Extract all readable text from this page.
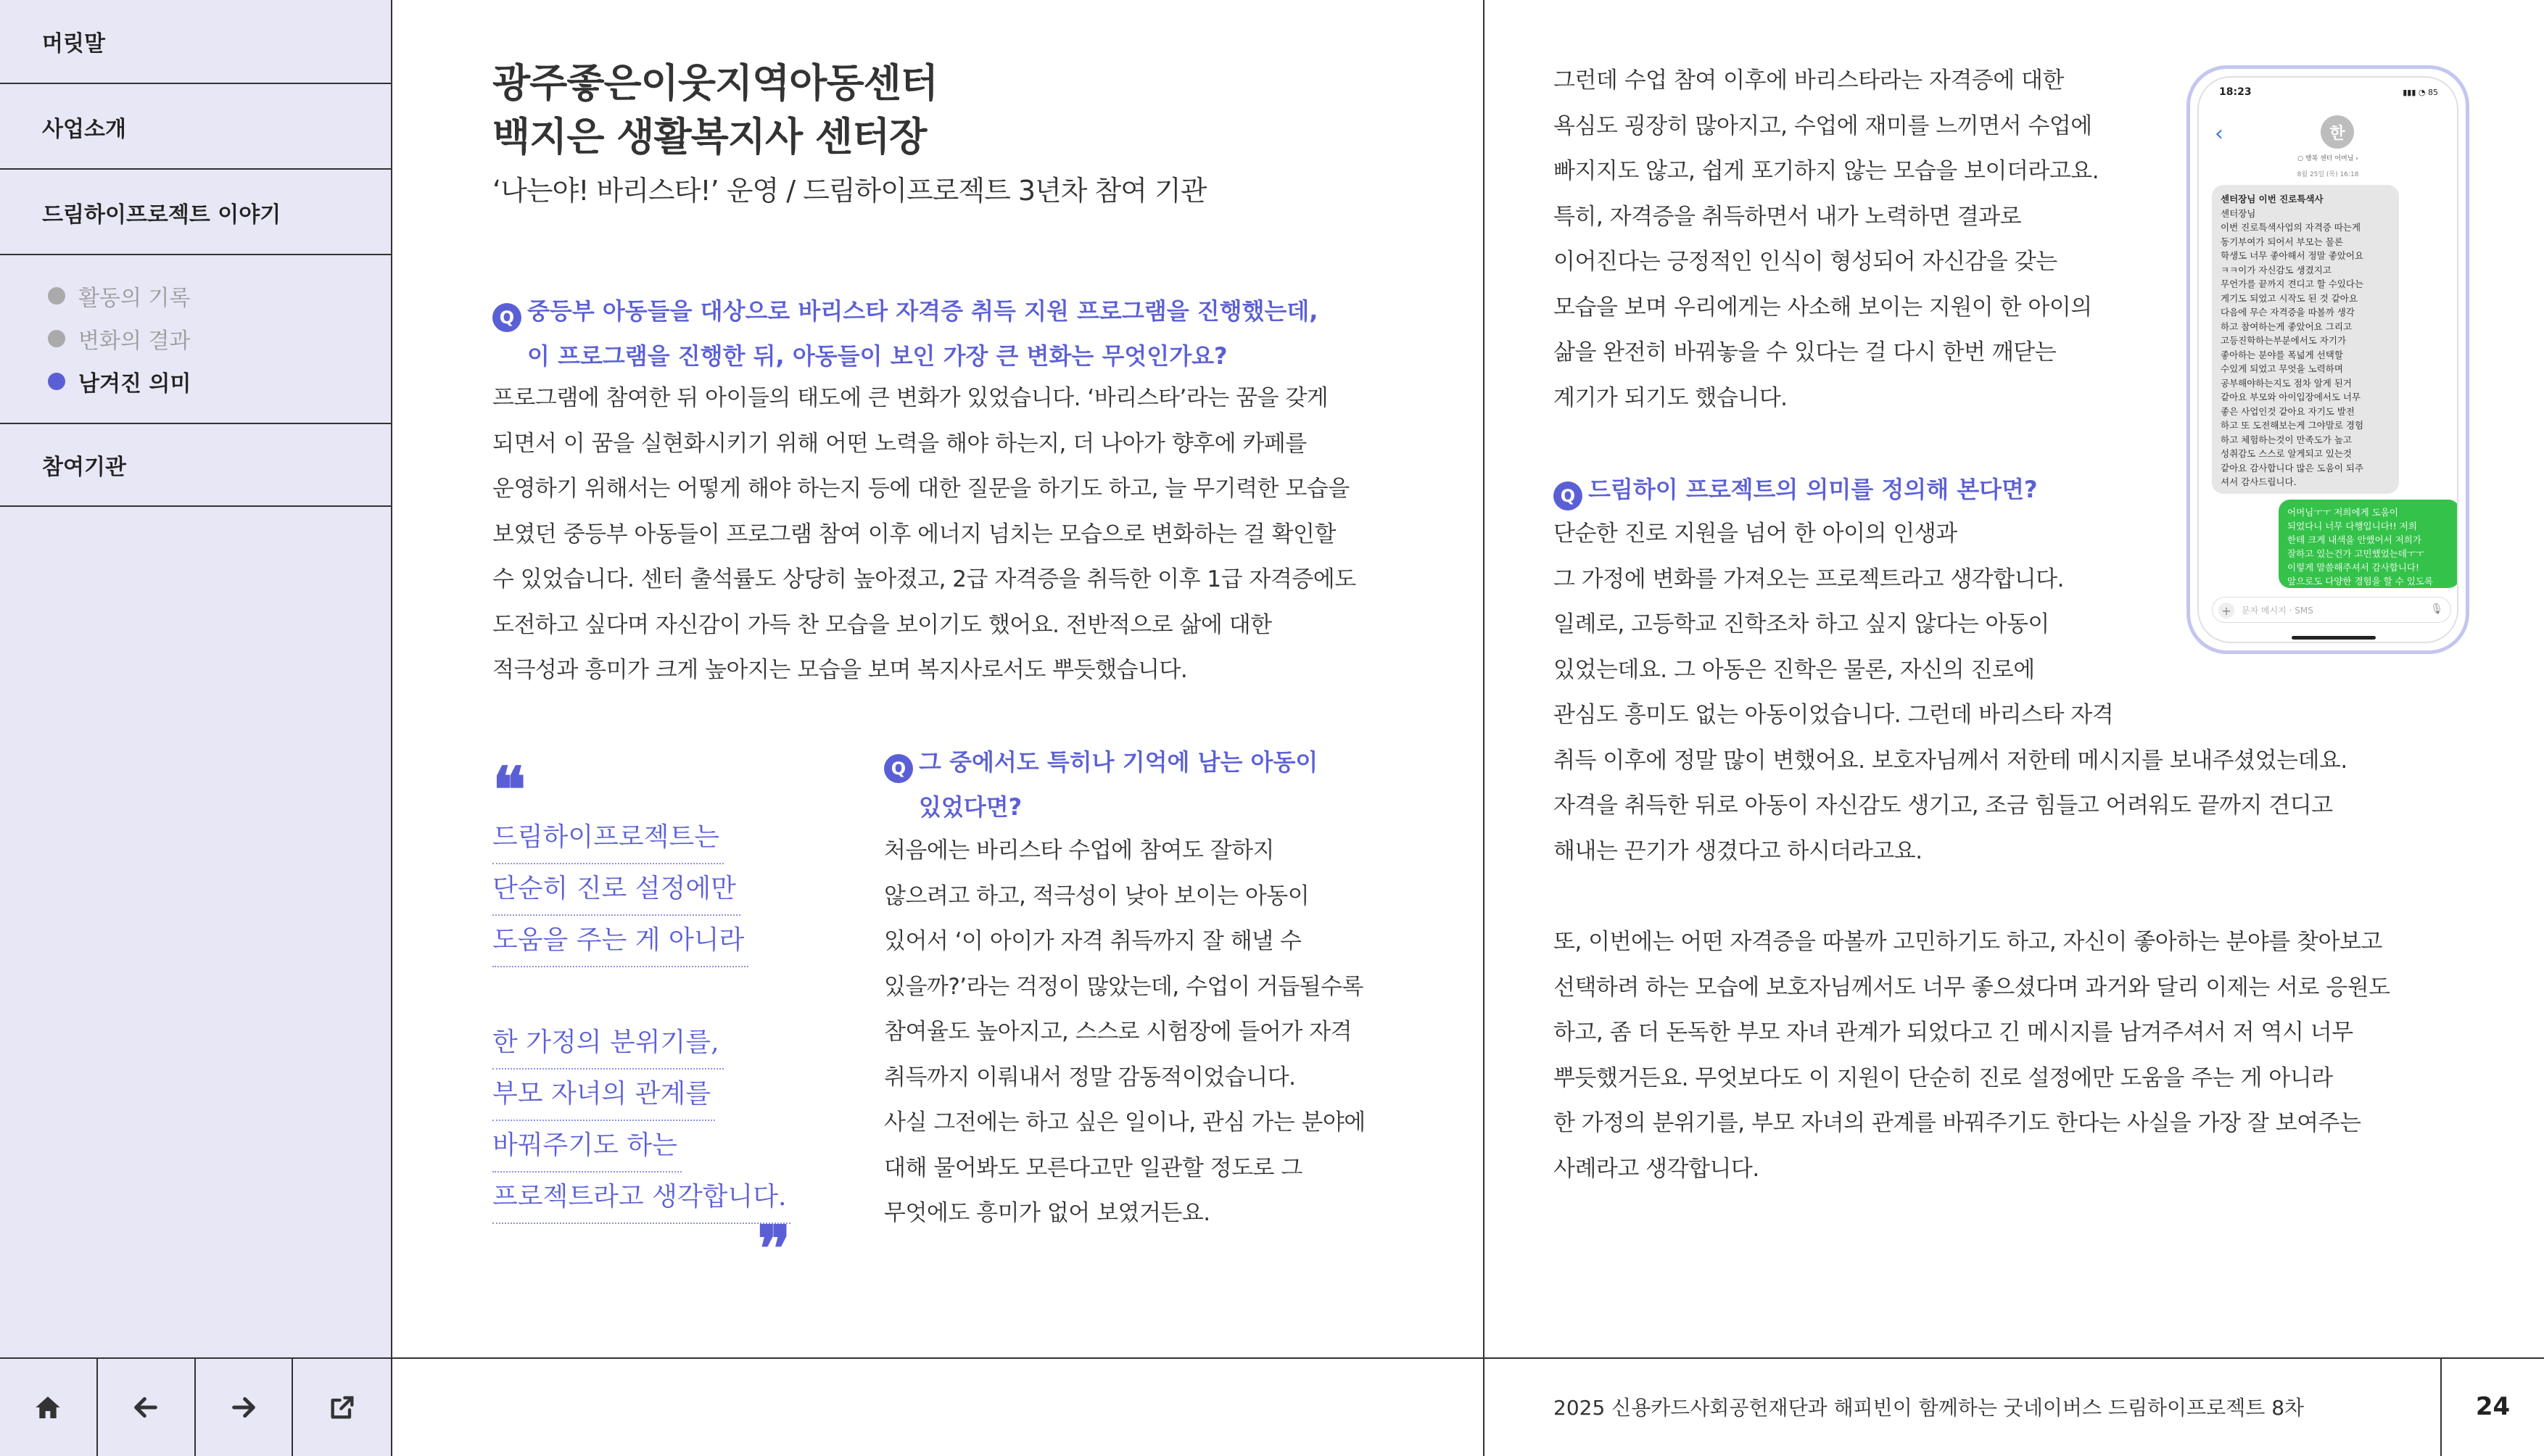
머릿말
사업소개
드림하이프로젝트 이야기
활동의 기록
변화의 결과
남겨진 의미
참여기관
광주좋은이웃지역아동센터
백지은 생활복지사 센터장
‘나는야! 바리스타!’ 운영 / 드림하이프로젝트 3년차 참여 기관
Q 중등부 아동들을 대상으로 바리스타 자격증 취득 지원 프로그램을 진행했는데,
이 프로그램을 진행한 뒤, 아동들이 보인 가장 큰 변화는 무엇인가요?
프로그램에 참여한 뒤 아이들의 태도에 큰 변화가 있었습니다. ‘바리스타’라는 꿈을 갖게
되면서 이 꿈을 실현화시키기 위해 어떤 노력을 해야 하는지, 더 나아가 향후에 카페를
운영하기 위해서는 어떻게 해야 하는지 등에 대한 질문을 하기도 하고, 늘 무기력한 모습을
보였던 중등부 아동들이 프로그램 참여 이후 에너지 넘치는 모습으로 변화하는 걸 확인할
수 있었습니다. 센터 출석률도 상당히 높아졌고, 2급 자격증을 취득한 이후 1급 자격증에도
도전하고 싶다며 자신감이 가득 찬 모습을 보이기도 했어요. 전반적으로 삶에 대한
적극성과 흥미가 크게 높아지는 모습을 보며 복지사로서도 뿌듯했습니다.
❝
드림하이프로젝트는
단순히 진로 설정에만
도움을 주는 게 아니라
한 가정의 분위기를,
부모 자녀의 관계를
바꿔주기도 하는
프로젝트라고 생각합니다.
❞
Q 그 중에서도 특히나 기억에 남는 아동이
있었다면?
처음에는 바리스타 수업에 참여도 잘하지
않으려고 하고, 적극성이 낮아 보이는 아동이
있어서 ‘이 아이가 자격 취득까지 잘 해낼 수
있을까?’라는 걱정이 많았는데, 수업이 거듭될수록
참여율도 높아지고, 스스로 시험장에 들어가 자격
취득까지 이뤄내서 정말 감동적이었습니다.
사실 그전에는 하고 싶은 일이나, 관심 가는 분야에
대해 물어봐도 모른다고만 일관할 정도로 그
무엇에도 흥미가 없어 보였거든요.
그런데 수업 참여 이후에 바리스타라는 자격증에 대한
욕심도 굉장히 많아지고, 수업에 재미를 느끼면서 수업에
빠지지도 않고, 쉽게 포기하지 않는 모습을 보이더라고요.
특히, 자격증을 취득하면서 내가 노력하면 결과로
이어진다는 긍정적인 인식이 형성되어 자신감을 갖는
모습을 보며 우리에게는 사소해 보이는 지원이 한 아이의
삶을 완전히 바꿔놓을 수 있다는 걸 다시 한번 깨닫는
계기가 되기도 했습니다.
Q 드림하이 프로젝트의 의미를 정의해 본다면?
단순한 진로 지원을 넘어 한 아이의 인생과
그 가정에 변화를 가져오는 프로젝트라고 생각합니다.
일례로, 고등학교 진학조차 하고 싶지 않다는 아동이
있었는데요. 그 아동은 진학은 물론, 자신의 진로에
관심도 흥미도 없는 아동이었습니다. 그런데 바리스타 자격
취득 이후에 정말 많이 변했어요. 보호자님께서 저한테 메시지를 보내주셨었는데요.
자격을 취득한 뒤로 아동이 자신감도 생기고, 조금 힘들고 어려워도 끝까지 견디고
해내는 끈기가 생겼다고 하시더라고요.
또, 이번에는 어떤 자격증을 따볼까 고민하기도 하고, 자신이 좋아하는 분야를 찾아보고
선택하려 하는 모습에 보호자님께서도 너무 좋으셨다며 과거와 달리 이제는 서로 응원도
하고, 좀 더 돈독한 부모 자녀 관계가 되었다고 긴 메시지를 남겨주셔서 저 역시 너무
뿌듯했거든요. 무엇보다도 이 지원이 단순히 진로 설정에만 도움을 주는 게 아니라
한 가정의 분위기를, 부모 자녀의 관계를 바꿔주기도 한다는 사실을 가장 잘 보여주는
사례라고 생각합니다.
18:23	▮▮▮ ◔ 85
‹	한
○ 행복 센터 어머님 ›
8월 25일 (목) 16:18
센터장님 이번 진로특색사
센터장님
이번 진로특색사업의 자격증 따는게
동기부여가 되어서 부모는 물론
학생도 너무 좋아해서 정말 좋았어요
ㅋㅋ이가 자신감도 생겼지고
무언가를 끝까지 견디고 할 수있다는
게기도 되었고 시작도 된 것 같아요
다음에 무슨 자격증을 따볼까 생각
하고 참여하는게 좋았어요 그리고
고등진학하는부분에서도 자기가
좋아하는 분야를 폭넓게 선택할
수있게 되었고 무엇을 노력하며
공부해야하는지도 점차 알게 된거
같아요 부모와 아이입장에서도 너무
좋은 사업인것 같아요 자기도 발전
하고 또 도전해보는게 그야말로 경험
하고 체험하는것이 만족도가 높고
성취감도 스스로 알게되고 있는것
같아요 감사합니다 많은 도움이 되주
셔서 감사드립니다.
어머님ㅜㅜ 저희에게 도움이
되었다니 너무 다행입니다!! 저희
한테 크게 내색을 안했어서 저희가
잘하고 있는건가 고민했었는데ㅜㅜ
이렇게 말씀해주셔서 감사합니다!
앞으로도 다양한 경험을 할 수 있도록
+	문자 메시지 · SMS	🎙
2025 신용카드사회공헌재단과 해피빈이 함께하는 굿네이버스 드림하이프로젝트 8차	24
